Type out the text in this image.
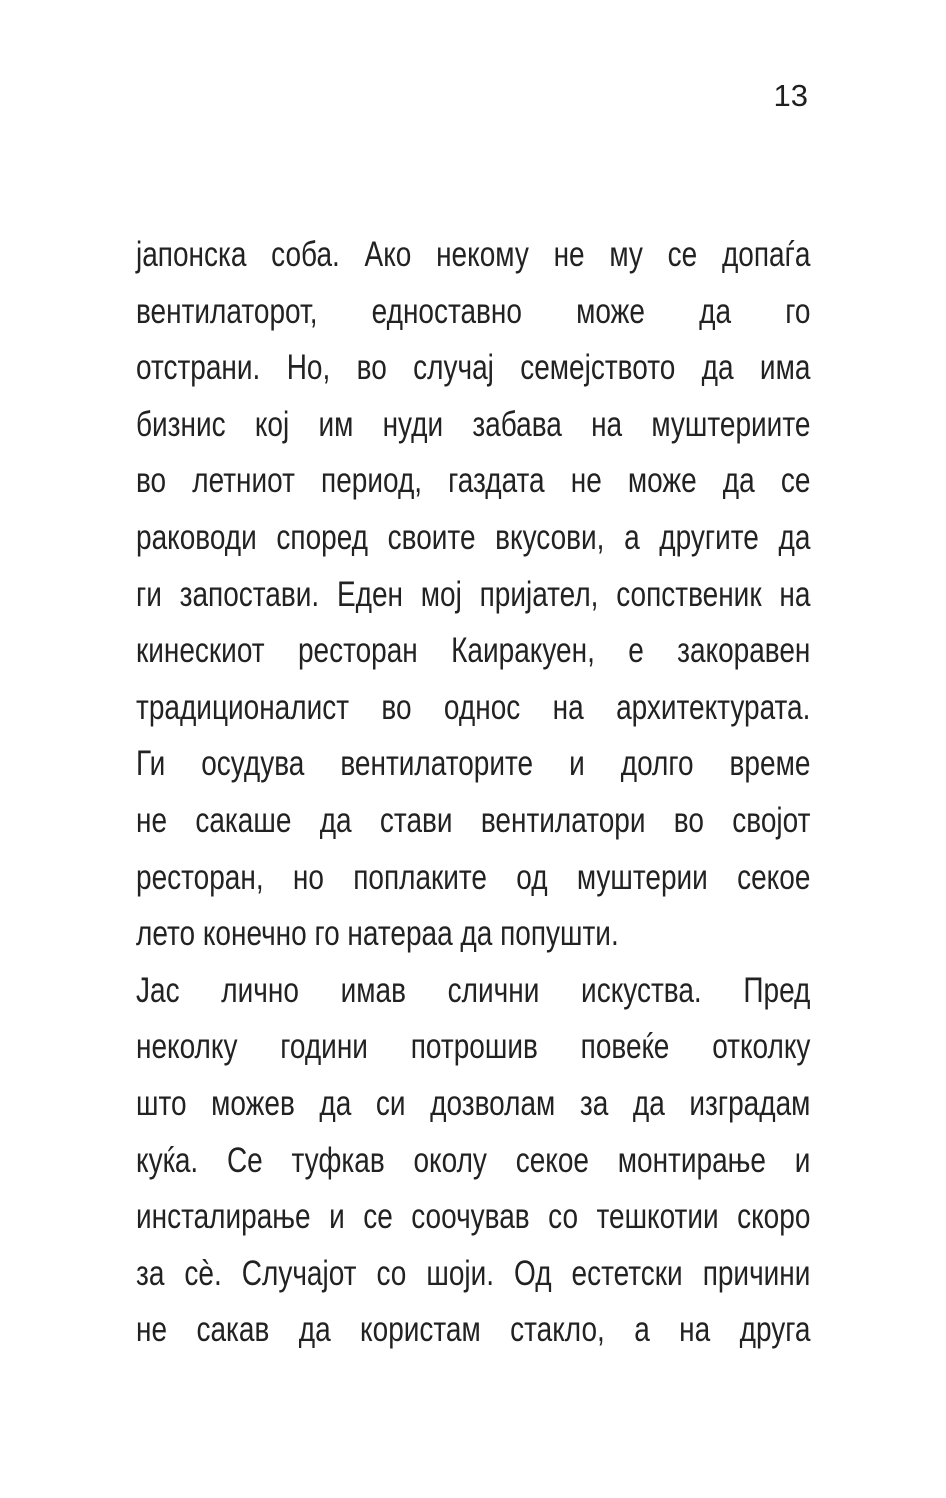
13
јапонска соба. Ако некому не му се допаѓа
вентилаторот, едноставно може да го
отстрани. Но, во случај семејството да има
бизнис кој им нуди забава на муштериите
во летниот период, газдата не може да се
раководи според своите вкусови, а другите да
ги запостави. Еден мој пријател, сопственик на
кинескиот ресторан Каиракуен, е закоравен
традиционалист во однос на архитектурата.
Ги осудува вентилаторите и долго време
не сакаше да стави вентилатори во својот
ресторан, но поплаките од муштерии секое
лето конечно го натераа да попушти.
Јас лично имав слични искуства. Пред
неколку години потрошив повеќе отколку
што можев да си дозволам за да изградам
куќа. Се туфкав околу секое монтирање и
инсталирање и се соочував со тешкотии скоро
за сѐ. Случајот со шоји. Од естетски причини
не сакав да користам стакло, а на друга
